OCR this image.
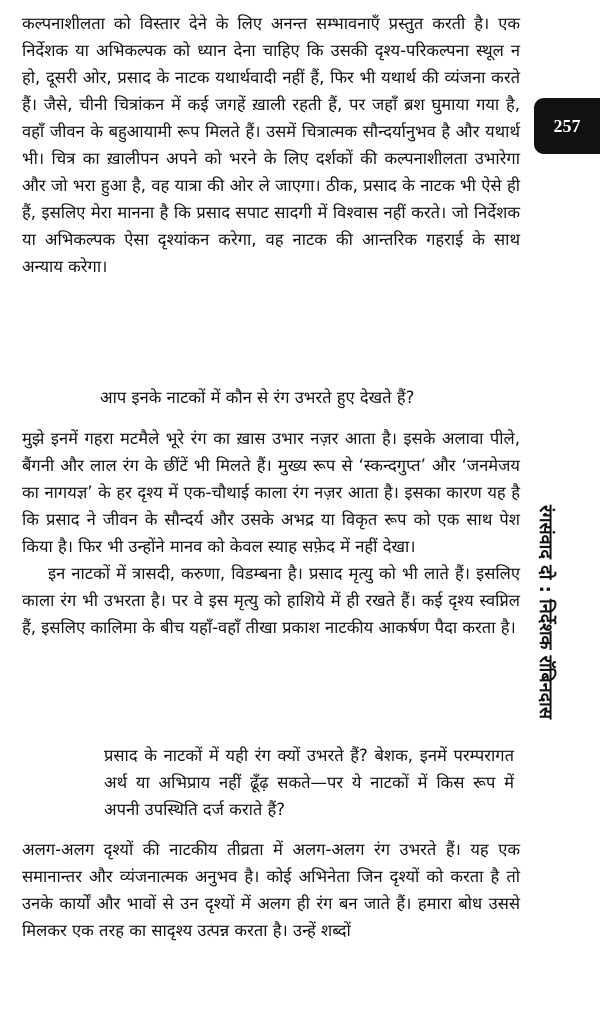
कल्पनाशीलता को विस्तार देने के लिए अनन्त सम्भावनाएँ प्रस्तुत करती है। एक निर्देशक या अभिकल्पक को ध्यान देना चाहिए कि उसकी दृश्य-परिकल्पना स्थूल न हो, दूसरी ओर, प्रसाद के नाटक यथार्थवादी नहीं हैं, फिर भी यथार्थ की व्यंजना करते हैं। जैसे, चीनी चित्रांकन में कई जगहें ख़ाली रहती हैं, पर जहाँ ब्रश घुमाया गया है, वहाँ जीवन के बहुआयामी रूप मिलते हैं। उसमें चित्रात्मक सौन्दर्यानुभव है और यथार्थ भी। चित्र का ख़ालीपन अपने को भरने के लिए दर्शकों की कल्पनाशीलता उभारेगा और जो भरा हुआ है, वह यात्रा की ओर ले जाएगा। ठीक, प्रसाद के नाटक भी ऐसे ही हैं, इसलिए मेरा मानना है कि प्रसाद सपाट सादगी में विश्वास नहीं करते। जो निर्देशक या अभिकल्पक ऐसा दृश्यांकन करेगा, वह नाटक की आन्तरिक गहराई के साथ अन्याय करेगा।

आप इनके नाटकों में कौन से रंग उभरते हुए देखते हैं?

मुझे इनमें गहरा मटमैले भूरे रंग का ख़ास उभार नज़र आता है। इसके अलावा पीले, बैंगनी और लाल रंग के छींटें भी मिलते हैं। मुख्य रूप से ‘स्कन्दगुप्त’ और ‘जनमेजय का नागयज्ञ’ के हर दृश्य में एक-चौथाई काला रंग नज़र आता है। इसका कारण यह है कि प्रसाद ने जीवन के सौन्दर्य और उसके अभद्र या विकृत रूप को एक साथ पेश किया है। फिर भी उन्होंने मानव को केवल स्याह सफ़ेद में नहीं देखा।

इन नाटकों में त्रासदी, करुणा, विडम्बना है। प्रसाद मृत्यु को भी लाते हैं। इसलिए काला रंग भी उभरता है। पर वे इस मृत्यु को हाशिये में ही रखते हैं। कई दृश्य स्वप्निल हैं, इसलिए कालिमा के बीच यहाँ-वहाँ तीखा प्रकाश नाटकीय आकर्षण पैदा करता है।

प्रसाद के नाटकों में यही रंग क्यों उभरते हैं? बेशक, इनमें परम्परागत अर्थ या अभिप्राय नहीं ढूँढ़ सकते—पर ये नाटकों में किस रूप में अपनी उपस्थिति दर्ज कराते हैं?

अलग-अलग दृश्यों की नाटकीय तीव्रता में अलग-अलग रंग उभरते हैं। यह एक समानान्तर और व्यंजनात्मक अनुभव है। कोई अभिनेता जिन दृश्यों को करता है तो उनके कार्यों और भावों से उन दृश्यों में अलग ही रंग बन जाते हैं। हमारा बोध उससे मिलकर एक तरह का सादृश्य उत्पन्न करता है। उन्हें शब्दों

257
रंगसंवाद दो : निर्देशक रॉबिनदास
